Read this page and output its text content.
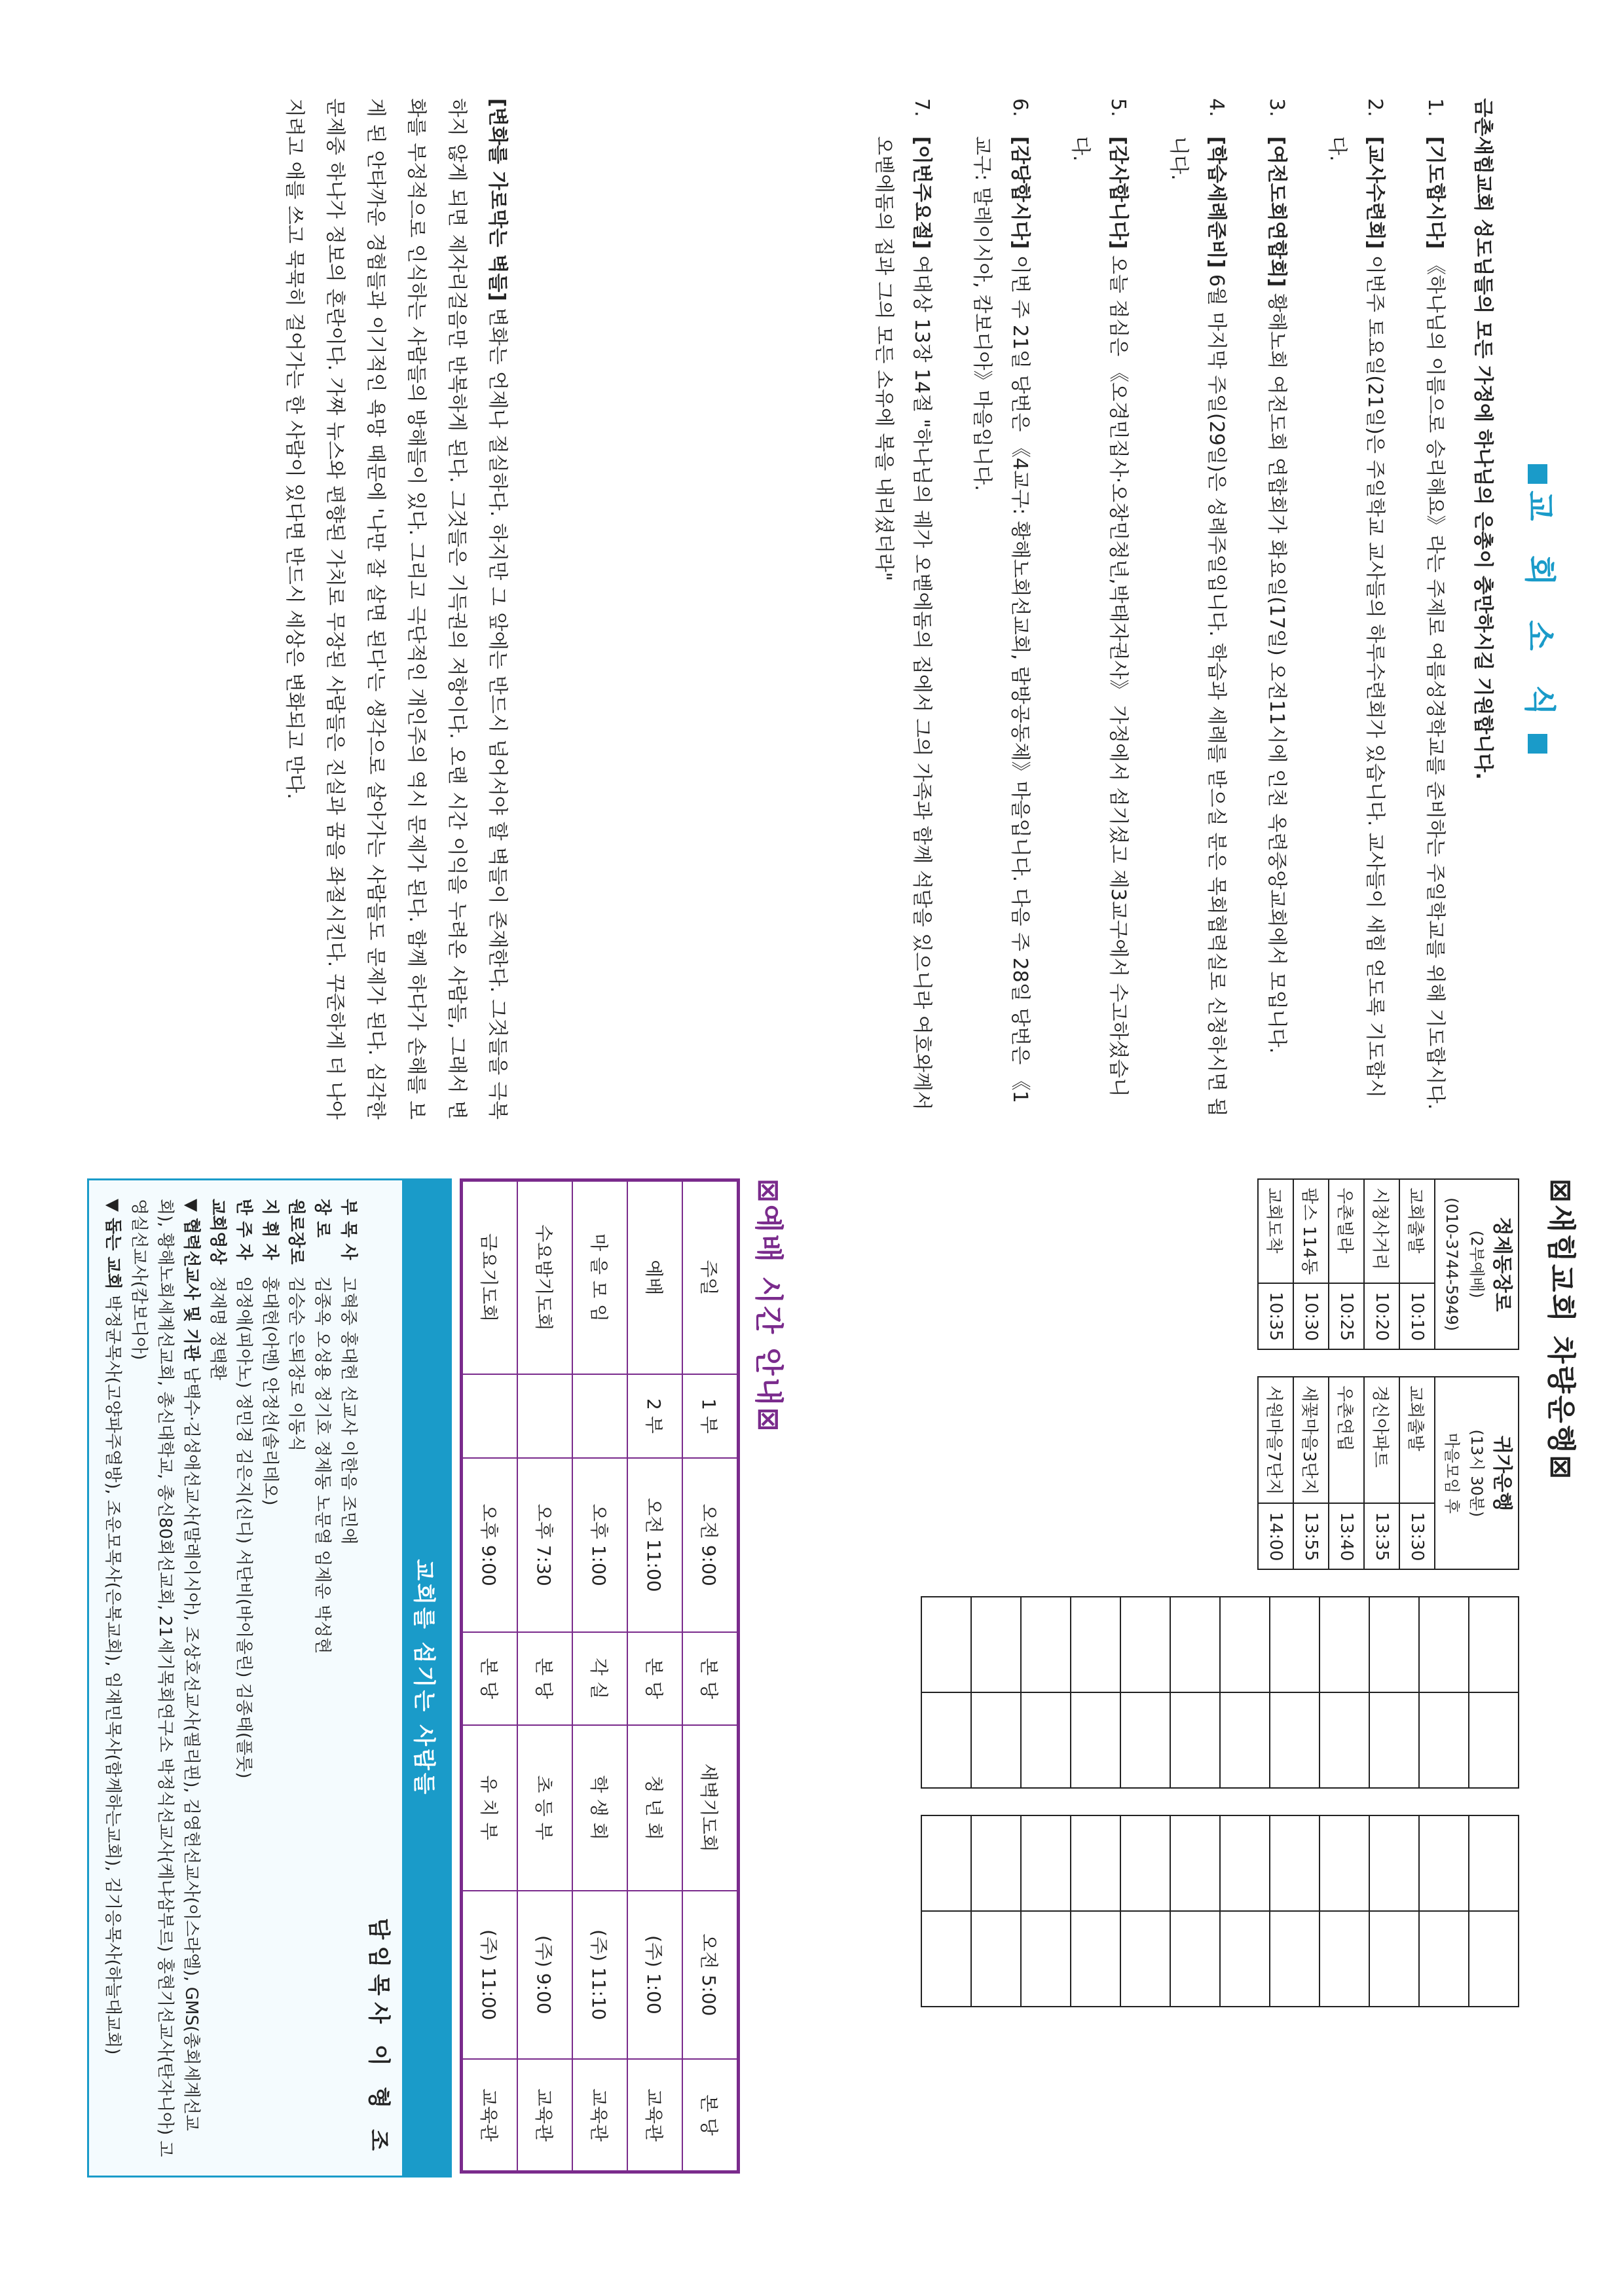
교 회 소 식
금촌새힘교회 성도님들의 모든 가정에 하나님의 은총이 충만하시길 기원합니다.
1.[기도합시다] 《하나님의 이름으로 승리해요》라는 주제로 여름성경학교를 준비하는 주일학교를 위해 기도합시다.
2.[교사수련회] 이번주 토요일(21일)은 주일학교 교사들의 하루수련회가 있습니다. 교사들이 새힘 얻도록 기도합시다.
3.[여전도회연합회] 황해노회 여전도회 연합회가 화요일(17일) 오전11시에 인천 옥련중앙교회에서 모입니다.
4.[학습세례준비] 6월 마지막 주일(29일)은 성례주일입니다. 학습과 세례를 받으실 분은 목회협력실로 신청하시면 됩니다.
5.[감사합니다] 오늘 점심은 《오경민집사·오창민청년,박태자권사》 가정에서 섬기셨고 제3교구에서 수고하셨습니다.
6.[감당합시다] 이번 주 21일 당번은 《4교구: 황해노회선교회, 람방공동체》마을입니다. 다음 주 28일 당번은 《1교구: 말레이시아, 캄보디아》마을입니다.
7.[이번주요절] 여대상 13장 14절 "하나님의 궤가 오벧에돔의 집에서 그의 가족과 함께 석달을 있으니라 여호와께서 오벧에돔의 집과 그의 모든 소유에 복을 내리셨더라"
[변화를 가로막는 벽들] 변화는 언제나 절실하다. 하지만 그 앞에는 반드시 넘어서야 할 벽들이 존재한다. 그것들을 극복하지 않게 되면 제자리걸음만 반복하게 된다. 그것들은 기득권의 저항이다. 오랜 시간 이익을 누려온 사람들, 그래서 변화를 부정적으로 인식하는 사람들의 방해들이 있다. 그리고 극단적인 개인주의 역시 문제가 된다. 함께 하다가 손해를 보게 된 안타까운 경험들과 이기적인 욕망 때문에 '나만 잘 살면 된다'는 생각으로 살아가는 사람들도 문제가 된다. 심각한 문제중 하나가 정보의 혼란이다. 가짜 뉴스와 편향된 가치로 무장된 사람들은 진실과 꿈을 좌절시킨다. 꾸준하게 더 나아지려고 애를 쓰고 묵묵히 걸어가는 한 사람이 있다면 반드시 세상은 변화되고 만다.
⊠새힘교회 차량운행⊠
정제동장로
(2부예배)
(010-3744-5949)	

교회출발	10:10
시청사거리	10:20
우촌빌라	10:25
팜스 114동	10:30
교회도착	10:35
귀가운행
(13시 30분)
마을모임 후	

교회출발	13:30
경신아파트	13:35
우촌연립	13:40
새꽃마을3단지	13:55
서원마을7단지	14:00

⊠예배 시간 안내⊠
주일	1 부	오전 9:00	본 당	새벽기도회	오전 5:00	본 당
예배	2 부	오전 11:00	본 당	청 년 회	(주) 1:00	교육관
마 을 모 임		오후 1:00	각 실	학 생 회	(주) 11:10	교육관
수요밤기도회		오후 7:30	본 당	초 등 부	(주) 9:00	교육관
금요기도회		오후 9:00	본 당	유 치 부	(주) 11:00	교육관
교회를 섬기는 사람들
담임목사 이 형 조
부 목 사 고혁중 홍대헌 선교사 이한음 조민애
장 로 김종옥 오성용 정기호 정제동 노문열 임제운 박성현
원로장로 김승순 은퇴장로 이동식
지 휘 자 홍대헌(아멘) 안정선(솔리데오)
반 주 자 임정애(피아노) 정민경 김은지(신디) 서단비(바이올린) 김종태(플룻)
교회영상 정재명 정택환
▼ 협력선교사 및 기관 남택수·김성애선교사(말레이시아), 조상호선교사(필리핀), 김영헌선교사(이스라엘), GMS(총회세계선교회), 황해노회세계선교회, 총신대학교, 총신80회선교회, 21세기목회연구소 박정식선교사(케냐삼부르) 홍현기선교사(탄자니아) 고영실선교사(캄보디아)
▼ 돕는 교회 박정균목사(고양파주열방), 조운모목사(은복교회), 임재민목사(함께하는교회), 김기응목사(하늘대교회)
